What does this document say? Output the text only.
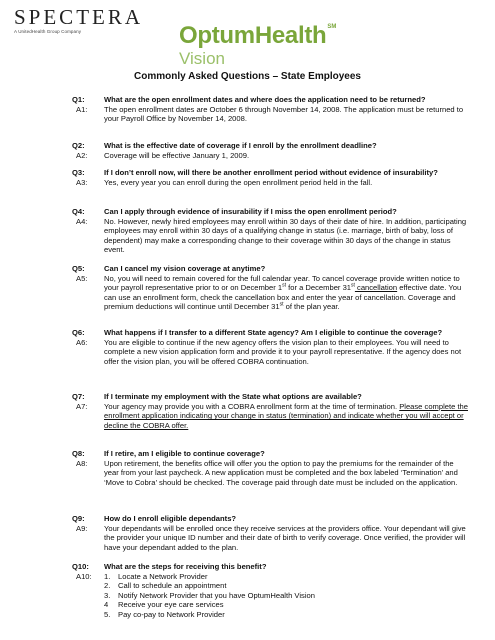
SPECTERA
A UnitedHealth Group Company	OptumHealth℠
Vision
Commonly Asked Questions – State Employees
Q1:	What are the open enrollment dates and where does the application need to be returned?
A1:	The open enrollment dates are October 6 through November 14, 2008. The application must be returned to your Payroll Office by November 14, 2008.
Q2:	What is the effective date of coverage if I enroll by the enrollment deadline?
A2:	Coverage will be effective January 1, 2009.
Q3:	If I don’t enroll now, will there be another enrollment period without evidence of insurability?
A3:	Yes, every year you can enroll during the open enrollment period held in the fall.
Q4:	Can I apply through evidence of insurability if I miss the open enrollment period?
A4:	No. However, newly hired employees may enroll within 30 days of their date of hire. In addition, participating employees may enroll within 30 days of a qualifying change in status (i.e. marriage, birth of baby, loss of dependent) may make a corresponding change to their coverage within 30 days of the change in status event.
Q5:	Can I cancel my vision coverage at anytime?
A5:	No, you will need to remain covered for the full calendar year. To cancel coverage provide written notice to your payroll representative prior to or on December 1st for a December 31st cancellation effective date. You can use an enrollment form, check the cancellation box and enter the year of cancellation. Coverage and premium deductions will continue until December 31st of the plan year.
Q6:	What happens if I transfer to a different State agency? Am I eligible to continue the coverage?
A6:	You are eligible to continue if the new agency offers the vision plan to their employees. You will need to complete a new vision application form and provide it to your payroll representative. If the agency does not offer the vision plan, you will be offered COBRA continuation.
Q7:	If I terminate my employment with the State what options are available?
A7:	Your agency may provide you with a COBRA enrollment form at the time of termination. Please complete the enrollment application indicating your change in status (termination) and indicate whether you will accept or decline the COBRA offer.
Q8:	If I retire, am I eligible to continue coverage?
A8:	Upon retirement, the benefits office will offer you the option to pay the premiums for the remainder of the year from your last paycheck. A new application must be completed and the box labeled ‘Termination’ and ‘Move to Cobra’ should be checked. The coverage paid through date must be included on the application.
Q9:	How do I enroll eligible dependants?
A9:	Your dependants will be enrolled once they receive services at the providers office. Your dependant will give the provider your unique ID number and their date of birth to verify coverage. Once verified, the provider will have your dependant added to the plan.
Q10:	What are the steps for receiving this benefit?
A10:	1.	Locate a Network Provider
2.	Call to schedule an appointment
3.	Notify Network Provider that you have OptumHealth Vision
4	Receive your eye care services
5.	Pay co-pay to Network Provider
